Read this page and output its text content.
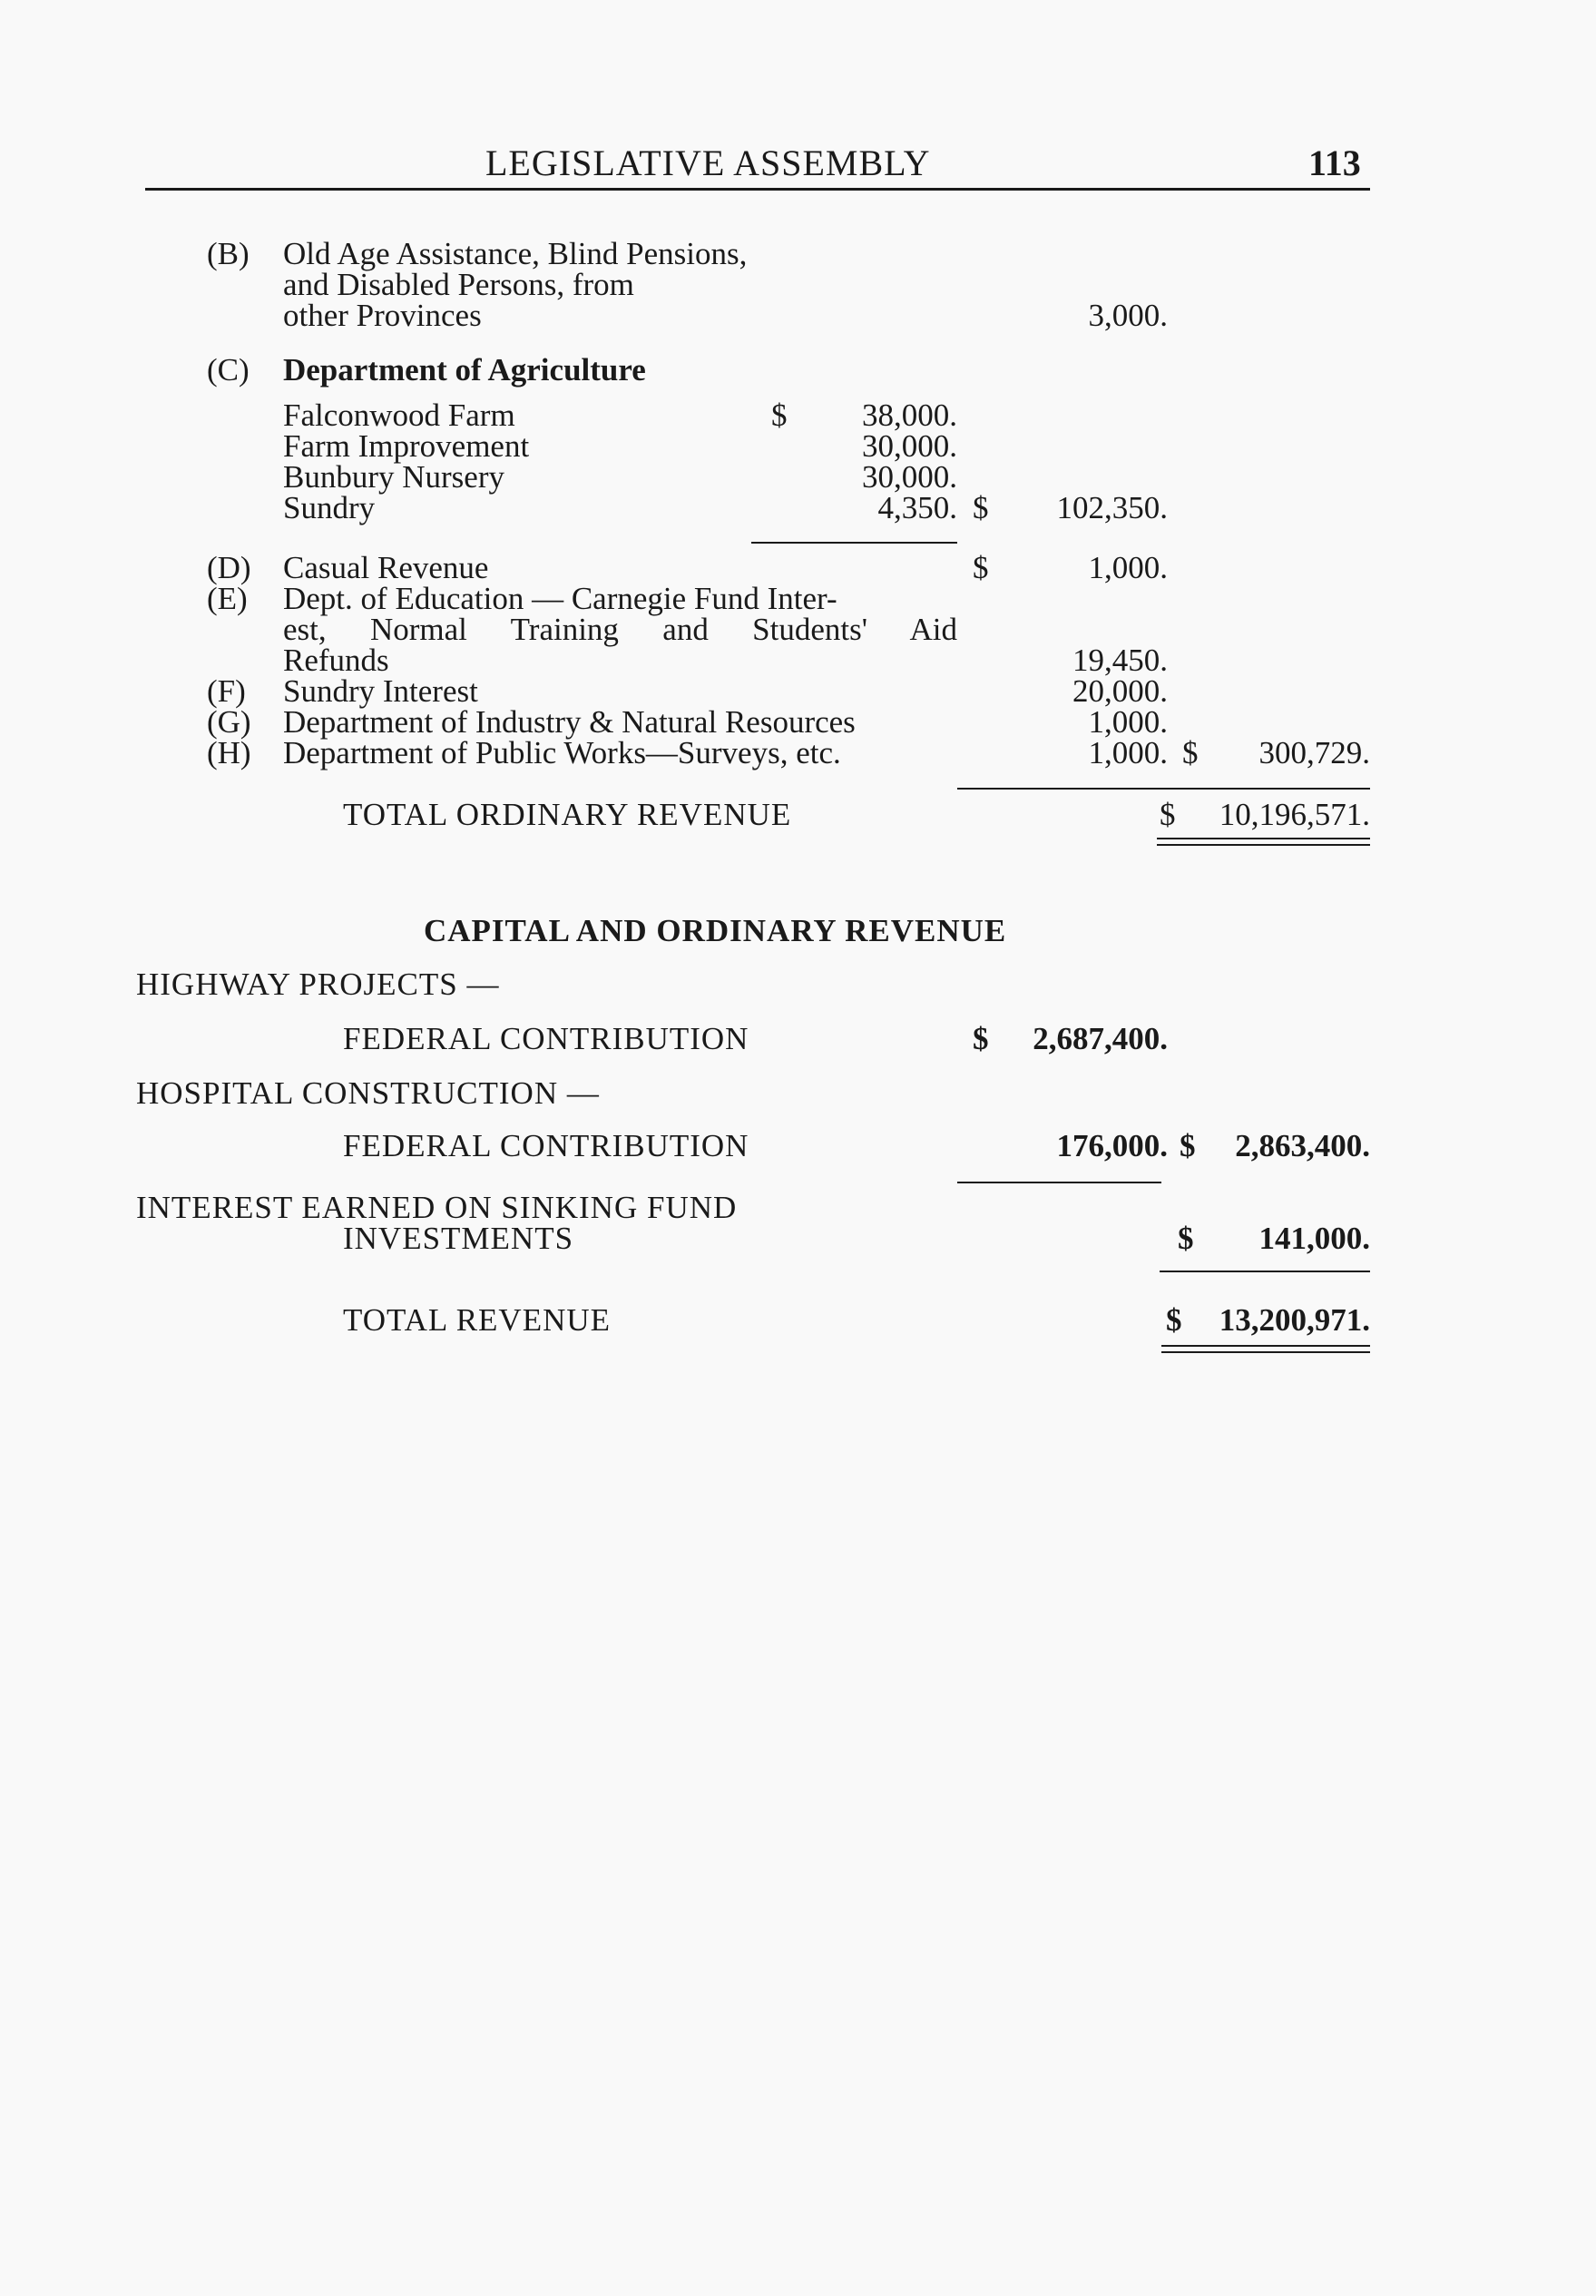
LEGISLATIVE ASSEMBLY	113
(B) Old Age Assistance, Blind Pensions,
and Disabled Persons, from
other Provinces	3,000.
(C) Department of Agriculture
Falconwood Farm	$	38,000.
Farm Improvement	30,000.
Bunbury Nursery	30,000.
Sundry	4,350. $	102,350.
(D) Casual Revenue	$	1,000.
(E) Dept. of Education — Carnegie Fund Inter-
est, Normal Training and Students' Aid
Refunds	19,450.
(F) Sundry Interest	20,000.
(G) Department of Industry & Natural Resources	1,000.
(H) Department of Public Works—Surveys, etc.	1,000. $	300,729.
TOTAL ORDINARY REVENUE	$	10,196,571.
CAPITAL AND ORDINARY REVENUE
HIGHWAY PROJECTS —
FEDERAL CONTRIBUTION	$	2,687,400.
HOSPITAL CONSTRUCTION —
FEDERAL CONTRIBUTION	176,000. $	2,863,400.
INTEREST EARNED ON SINKING FUND
INVESTMENTS	$	141,000.
TOTAL REVENUE	$	13,200,971.
